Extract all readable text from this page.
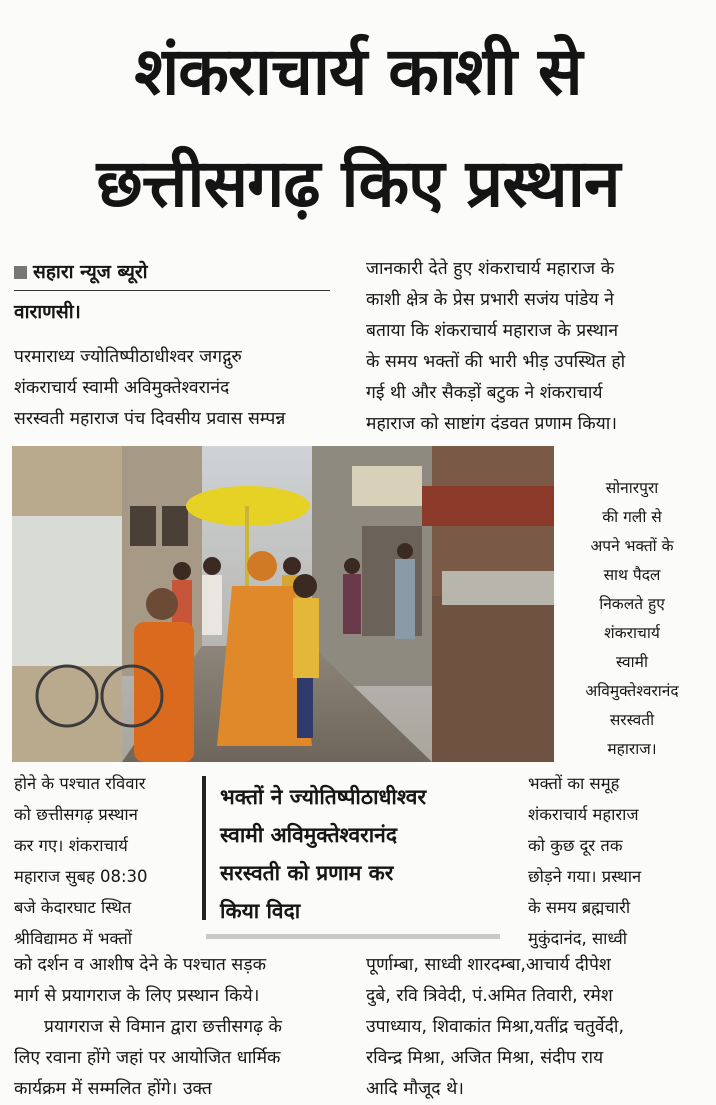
शंकराचार्य काशी से
छत्तीसगढ़ किए प्रस्थान
सहारा न्यूज ब्यूरो
वाराणसी।

परमाराध्य ज्योतिष्पीठाधीश्वर जगद्गुरु

शंकराचार्य स्वामी अविमुक्तेश्वरानंद

सरस्वती महाराज पंच दिवसीय प्रवास सम्पन्न

जानकारी देते हुए शंकराचार्य महाराज के

काशी क्षेत्र के प्रेस प्रभारी सजंय पांडेय ने

बताया कि शंकराचार्य महाराज के प्रस्थान

के समय भक्तों की भारी भीड़ उपस्थित हो

गई थी और सैकड़ों बटुक ने शंकराचार्य

महाराज को साष्टांग दंडवत प्रणाम किया।

सोनारपुरा
की गली से
अपने भक्तों के
साथ पैदल
निकलते हुए
शंकराचार्य
स्वामी
अविमुक्तेश्वरानंद
सरस्वती
महाराज।

होने के पश्चात रविवार

को छत्तीसगढ़ प्रस्थान

कर गए। शंकराचार्य

महाराज सुबह 08:30

बजे केदारघाट स्थित

श्रीविद्यामठ में भक्तों

भक्तों ने ज्योतिष्पीठाधीश्वर
स्वामी अविमुक्तेश्वरानंद
सरस्वती को प्रणाम कर
किया विदा

भक्तों का समूह

शंकराचार्य महाराज

को कुछ दूर तक

छोड़ने गया। प्रस्थान

के समय ब्रह्मचारी

मुकुंदानंद, साध्वी

को दर्शन व आशीष देने के पश्चात सड़क

मार्ग से प्रयागराज के लिए प्रस्थान किये।

प्रयागराज से विमान द्वारा छत्तीसगढ़ के

लिए रवाना होंगे जहां पर आयोजित धार्मिक

कार्यक्रम में सम्मलित होंगे। उक्त

पूर्णाम्बा, साध्वी शारदम्बा,आचार्य दीपेश

दुबे, रवि त्रिवेदी, पं.अमित तिवारी, रमेश

उपाध्याय, शिवाकांत मिश्रा,यतींद्र चतुर्वेदी,

रविन्द्र मिश्रा, अजित मिश्रा, संदीप राय

आदि मौजूद थे।
